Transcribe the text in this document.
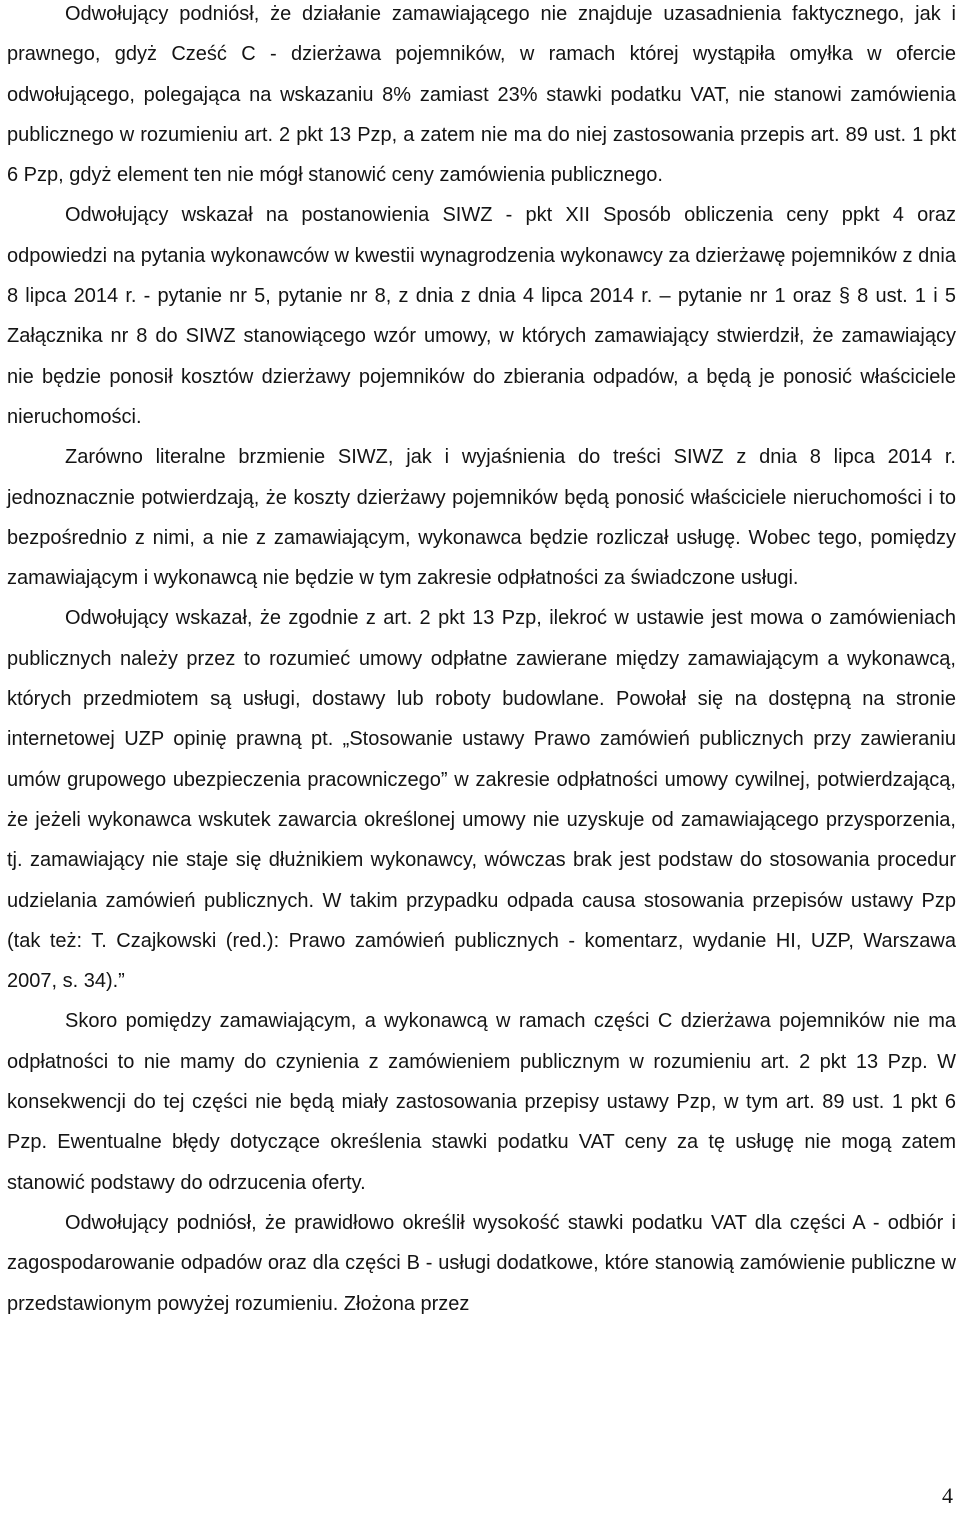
Odwołujący podniósł, że działanie zamawiającego nie znajduje uzasadnienia faktycznego, jak i prawnego, gdyż Cześć C - dzierżawa pojemników, w ramach której wystąpiła omyłka w ofercie odwołującego, polegająca na wskazaniu 8% zamiast 23% stawki podatku VAT, nie stanowi zamówienia publicznego w rozumieniu art. 2 pkt 13 Pzp, a zatem nie ma do niej zastosowania przepis art. 89 ust. 1 pkt 6 Pzp, gdyż element ten nie mógł stanowić ceny zamówienia publicznego.

Odwołujący wskazał na postanowienia SIWZ - pkt XII Sposób obliczenia ceny ppkt 4 oraz odpowiedzi na pytania wykonawców w kwestii wynagrodzenia wykonawcy za dzierżawę pojemników z dnia 8 lipca 2014 r. - pytanie nr 5, pytanie nr 8, z dnia z dnia 4 lipca 2014 r. – pytanie nr 1 oraz § 8 ust. 1 i 5 Załącznika nr 8 do SIWZ stanowiącego wzór umowy, w których zamawiający stwierdził, że zamawiający nie będzie ponosił kosztów dzierżawy pojemników do zbierania odpadów, a będą je ponosić właściciele nieruchomości.

Zarówno literalne brzmienie SIWZ, jak i wyjaśnienia do treści SIWZ z dnia 8 lipca 2014 r. jednoznacznie potwierdzają, że koszty dzierżawy pojemników będą ponosić właściciele nieruchomości i to bezpośrednio z nimi, a nie z zamawiającym, wykonawca będzie rozliczał usługę. Wobec tego, pomiędzy zamawiającym i wykonawcą nie będzie w tym zakresie odpłatności za świadczone usługi.

Odwołujący wskazał, że zgodnie z art. 2 pkt 13 Pzp, ilekroć w ustawie jest mowa o zamówieniach publicznych należy przez to rozumieć umowy odpłatne zawierane między zamawiającym a wykonawcą, których przedmiotem są usługi, dostawy lub roboty budowlane. Powołał się na dostępną na stronie internetowej UZP opinię prawną pt. „Stosowanie ustawy Prawo zamówień publicznych przy zawieraniu umów grupowego ubezpieczenia pracowniczego” w zakresie odpłatności umowy cywilnej, potwierdzającą, że jeżeli wykonawca wskutek zawarcia określonej umowy nie uzyskuje od zamawiającego przysporzenia, tj. zamawiający nie staje się dłużnikiem wykonawcy, wówczas brak jest podstaw do stosowania procedur udzielania zamówień publicznych. W takim przypadku odpada causa stosowania przepisów ustawy Pzp (tak też: T. Czajkowski (red.): Prawo zamówień publicznych - komentarz, wydanie HI, UZP, Warszawa 2007, s. 34).”

Skoro pomiędzy zamawiającym, a wykonawcą w ramach części C dzierżawa pojemników nie ma odpłatności to nie mamy do czynienia z zamówieniem publicznym w rozumieniu art. 2 pkt 13 Pzp. W konsekwencji do tej części nie będą miały zastosowania przepisy ustawy Pzp, w tym art. 89 ust. 1 pkt 6 Pzp. Ewentualne błędy dotyczące określenia stawki podatku VAT ceny za tę usługę nie mogą zatem stanowić podstawy do odrzucenia oferty.

Odwołujący podniósł, że prawidłowo określił wysokość stawki podatku VAT dla części A - odbiór i zagospodarowanie odpadów oraz dla części B - usługi dodatkowe, które stanowią zamówienie publiczne w przedstawionym powyżej rozumieniu. Złożona przez

4
